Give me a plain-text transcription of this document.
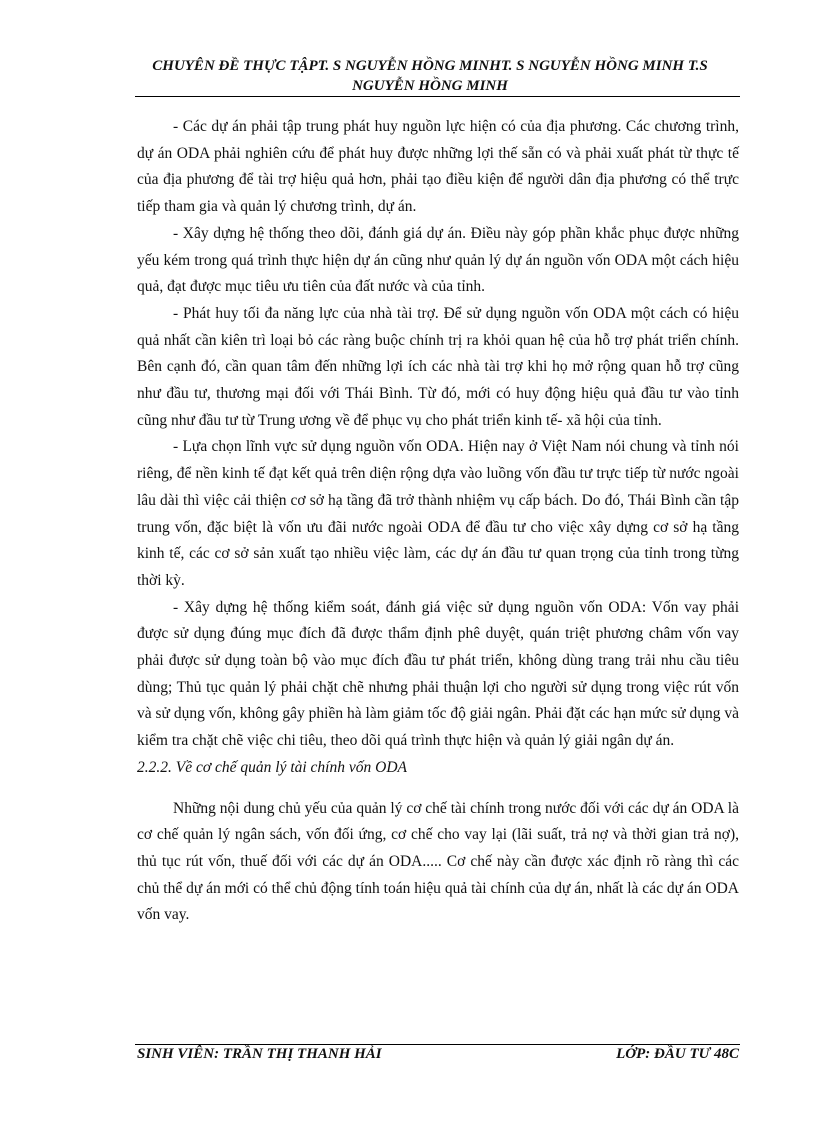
CHUYÊN ĐỀ THỰC TẬPT. S NGUYỄN HỒNG MINHT. S NGUYỄN HỒNG MINH T.S NGUYỄN HỒNG MINH

- Các dự án phải tập trung phát huy nguồn lực hiện có của địa phương. Các chương trình, dự án ODA phải nghiên cứu để phát huy được những lợi thế sẵn có và phải xuất phát từ thực tế của địa phương để tài trợ hiệu quả hơn, phải tạo điều kiện để người dân địa phương có thể trực tiếp tham gia và quản lý chương trình, dự án.

- Xây dựng hệ thống theo dõi, đánh giá dự án. Điều này góp phần khắc phục được những yếu kém trong quá trình thực hiện dự án cũng như quản lý dự án nguồn vốn ODA một cách hiệu quả, đạt được mục tiêu ưu tiên của đất nước và của tỉnh.

- Phát huy tối đa năng lực của nhà tài trợ. Để sử dụng nguồn vốn ODA một cách có hiệu quả nhất cần kiên trì loại bỏ các ràng buộc chính trị ra khỏi quan hệ của hỗ trợ phát triển chính. Bên cạnh đó, cần quan tâm đến những lợi ích các nhà tài trợ khi họ mở rộng quan hỗ trợ cũng như đầu tư, thương mại đối với Thái Bình. Từ đó, mới có huy động hiệu quả đầu tư vào tỉnh cũng như đầu tư từ Trung ương về để phục vụ cho phát triển kinh tế- xã hội của tỉnh.

- Lựa chọn lĩnh vực sử dụng nguồn vốn ODA. Hiện nay ở Việt Nam nói chung và tỉnh nói riêng, để nền kinh tế đạt kết quả trên diện rộng dựa vào luồng vốn đầu tư trực tiếp từ nước ngoài lâu dài thì việc cải thiện cơ sở hạ tầng đã trở thành nhiệm vụ cấp bách. Do đó, Thái Bình cần tập trung vốn, đặc biệt là vốn ưu đãi nước ngoài ODA để đầu tư cho việc xây dựng cơ sở hạ tầng kinh tế, các cơ sở sản xuất tạo nhiều việc làm, các dự án đầu tư quan trọng của tỉnh trong từng thời kỳ.

- Xây dựng hệ thống kiểm soát, đánh giá việc sử dụng nguồn vốn ODA: Vốn vay phải được sử dụng đúng mục đích đã được thẩm định phê duyệt, quán triệt phương châm vốn vay phải được sử dụng toàn bộ vào mục đích đầu tư phát triển, không dùng trang trải nhu cầu tiêu dùng; Thủ tục quản lý phải chặt chẽ nhưng phải thuận lợi cho người sử dụng trong việc rút vốn và sử dụng vốn, không gây phiền hà làm giảm tốc độ giải ngân. Phải đặt các hạn mức sử dụng và kiểm tra chặt chẽ việc chi tiêu, theo dõi quá trình thực hiện và quản lý giải ngân dự án.

2.2.2. Về cơ chế quản lý tài chính vốn ODA

Những nội dung chủ yếu của quản lý cơ chế tài chính trong nước đối với các dự án ODA là cơ chế quản lý ngân sách, vốn đối ứng, cơ chế cho vay lại (lãi suất, trả nợ và thời gian trả nợ), thủ tục rút vốn, thuế đối với các dự án ODA..... Cơ chế này cần được xác định rõ ràng thì các chủ thể dự án mới có thể chủ động tính toán hiệu quả tài chính của dự án, nhất là các dự án ODA vốn vay.

SINH VIÊN: TRẦN THỊ THANH HẢI	LỚP: ĐẦU TƯ 48C
